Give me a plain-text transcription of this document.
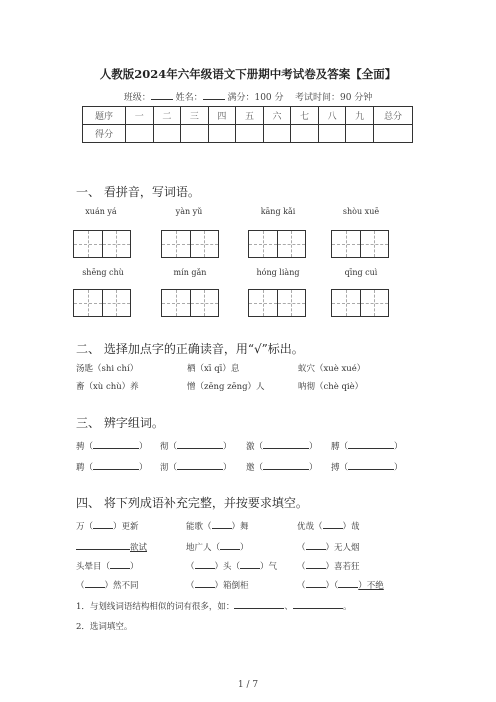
人教版2024年六年级语文下册期中考试卷及答案【全面】
班级：	姓名：	满分：100 分 考试时间：90 分钟
题序	一	二	三	四	五	六	七	八	九	总分
得分										
一、 看拼音，写词语。
xuán yá	yàn yǔ	kāng kǎi	shòu xuē
shēng chù	mín gǎn	hóng liàng	qīng cuì
二、 选择加点字的正确读音，用“√”标出。
汤匙（shi chí）	栖（xī qī）息	蚁穴（xuè xué）
畜（xù chù）养	憎（zēng zēng）人	呐彻（chè qiè）
三、 辨字组词。
骋（	） 彻（	） 激（	） 膊（	）
聘（	） 沏（	） 邀（	） 搏（	）
四、 将下列成语补充完整，并按要求填空。
万（ ）更新	能歌（ ）舞	优哉（ ）哉
欲试	地广人（ ）	（ ）无人烟
头晕目（ ）	（ ）头（ ）气 （ ）喜若狂
（ ）然不同	（ ）箱倒柜	（ ）（ ）不绝
1．与划线词语结构相似的词有很多，如：	、	。
2．选词填空。
1 / 7
